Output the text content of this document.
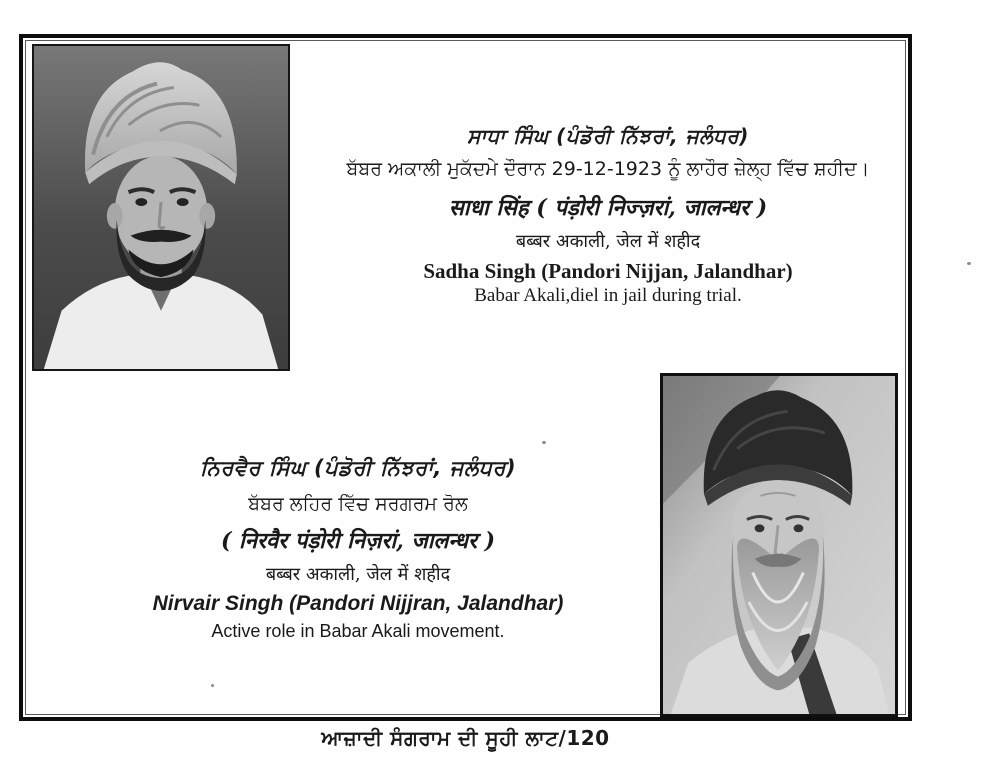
ਸਾਧਾ ਸਿੰਘ (ਪੰਡੋਰੀ ਨਿੱਝਰਾਂ, ਜਲੰਧਰ)
ਬੱਬਰ ਅਕਾਲੀ ਮੁਕੱਦਮੇ ਦੌਰਾਨ 29-12-1923 ਨੂੰ ਲਾਹੌਰ ਜ਼ੇਲ੍ਹ ਵਿੱਚ ਸ਼ਹੀਦ।
साधा सिंह ( पंड़ोरी निज्ज़रां, जालन्धर )
बब्बर अकाली, जेल में शहीद
Sadha Singh (Pandori Nijjan, Jalandhar)
Babar Akali,diel in jail during trial.
ਨਿਰਵੈਰ ਸਿੰਘ (ਪੰਡੋਰੀ ਨਿੱਝਰਾਂ, ਜਲੰਧਰ)
ਬੱਬਰ ਲਹਿਰ ਵਿੱਚ ਸਰਗਰਮ ਰੋਲ
( निरवैर पंड़ोरी निज़रां, जालन्धर )
बब्बर अकाली, जेल में शहीद
Nirvair Singh (Pandori Nijjran, Jalandhar)
Active role in Babar Akali movement.
ਆਜ਼ਾਦੀ ਸੰਗਰਾਮ ਦੀ ਸੂਹੀ ਲਾਟ/120
